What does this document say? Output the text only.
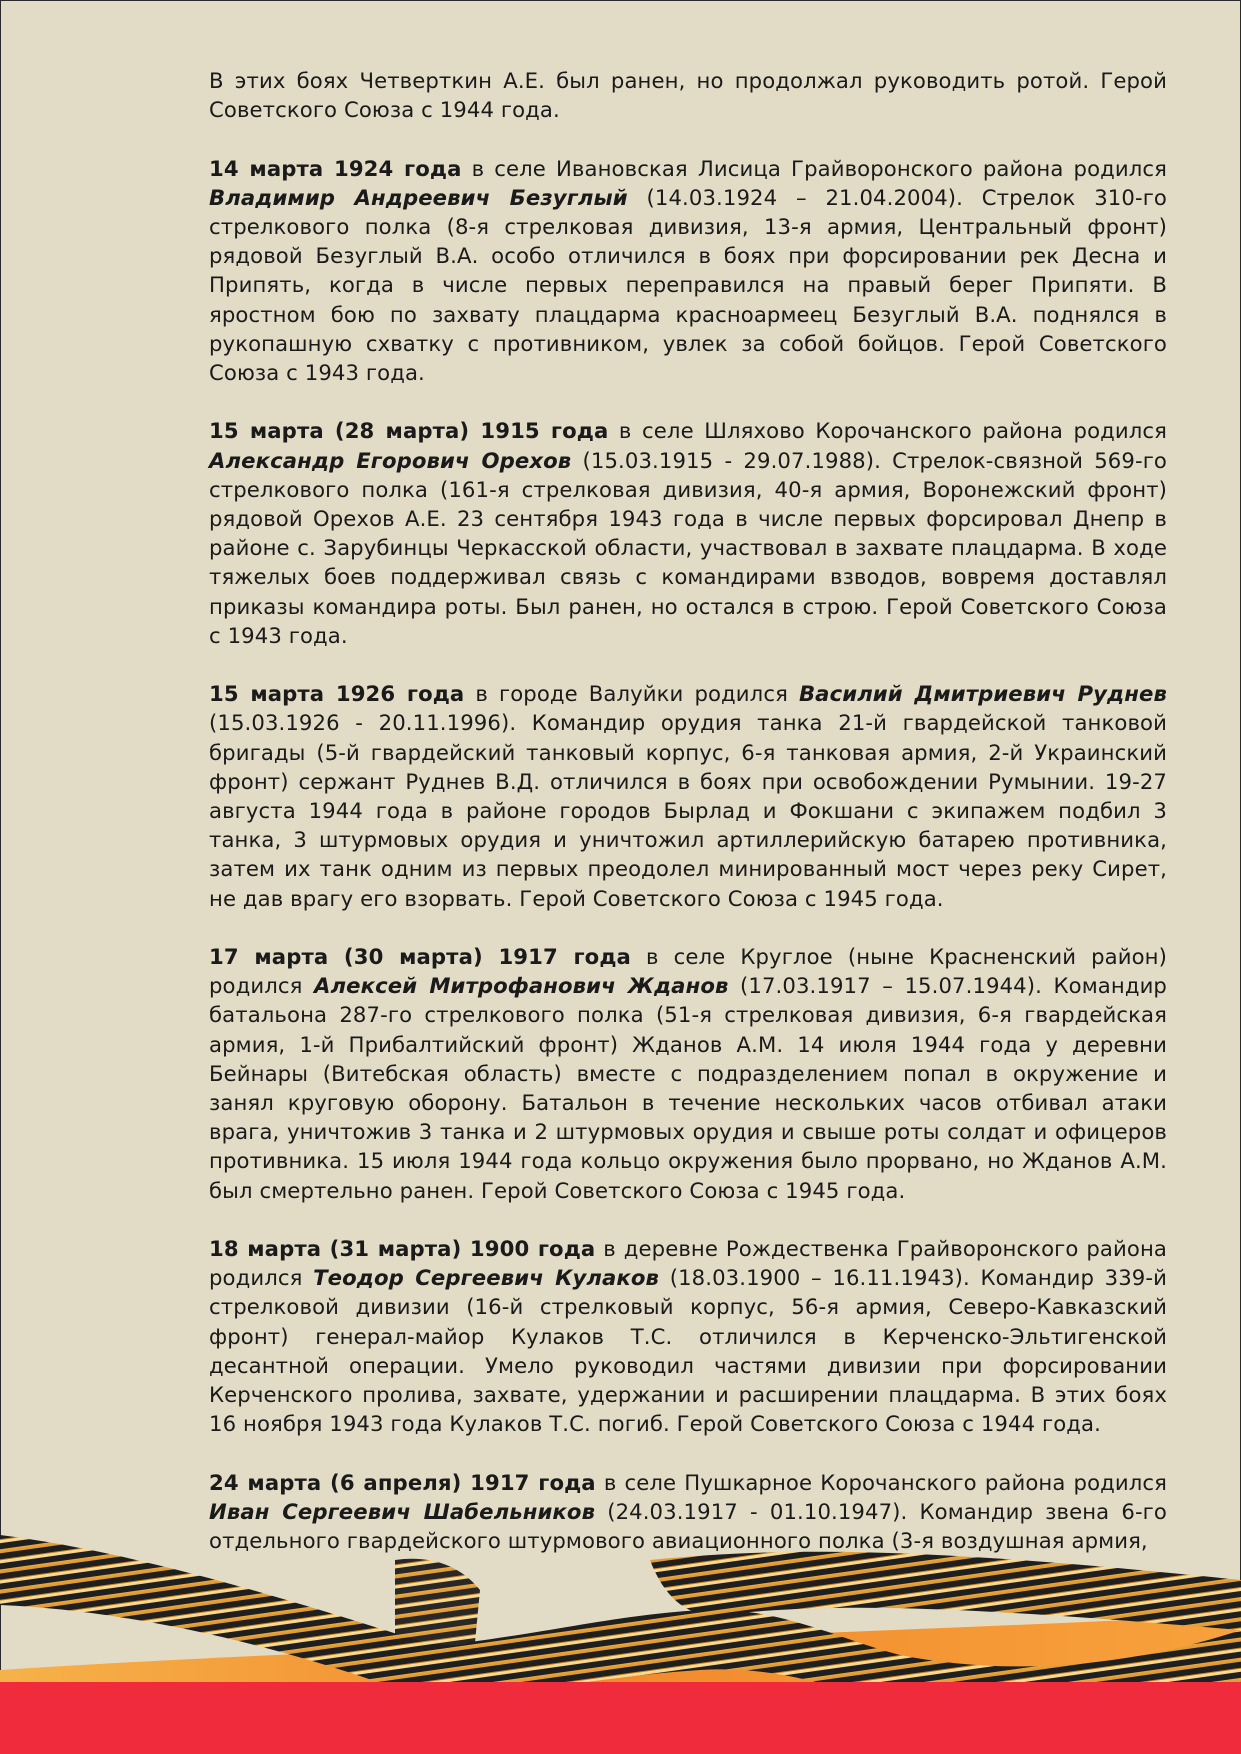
В этих боях Четверткин А.Е. был ранен, но продолжал руководить ротой. Герой Советского Союза с 1944 года.

14 марта 1924 года в селе Ивановская Лисица Грайворонского района родился Владимир Андреевич Безуглый (14.03.1924 – 21.04.2004). Стрелок 310-го стрелкового полка (8-я стрелковая дивизия, 13-я армия, Центральный фронт) рядовой Безуглый В.А. особо отличился в боях при форсировании рек Десна и Припять, когда в числе первых переправился на правый берег Припяти. В яростном бою по захвату плацдарма красноармеец Безуглый В.А. поднялся в рукопашную схватку с противником, увлек за собой бойцов. Герой Советского Союза с 1943 года.

15 марта (28 марта) 1915 года в селе Шляхово Корочанского района родился Александр Егорович Орехов (15.03.1915 - 29.07.1988). Стрелок-связной 569-го стрелкового полка (161-я стрелковая дивизия, 40-я армия, Воронежский фронт) рядовой Орехов А.Е. 23 сентября 1943 года в числе первых форсировал Днепр в районе с. Зарубинцы Черкасской области, участвовал в захвате плацдарма. В ходе тяжелых боев поддерживал связь с командирами взводов, вовремя доставлял приказы командира роты. Был ранен, но остался в строю. Герой Советского Союза с 1943 года.

15 марта 1926 года в городе Валуйки родился Василий Дмитриевич Руднев (15.03.1926 - 20.11.1996). Командир орудия танка 21-й гвардейской танковой бригады (5-й гвардейский танковый корпус, 6-я танковая армия, 2-й Украинский фронт) сержант Руднев В.Д. отличился в боях при освобождении Румынии. 19-27 августа 1944 года в районе городов Бырлад и Фокшани с экипажем подбил 3 танка, 3 штурмовых орудия и уничтожил артиллерийскую батарею противника, затем их танк одним из первых преодолел минированный мост через реку Сирет, не дав врагу его взорвать. Герой Советского Союза с 1945 года.

17 марта (30 марта) 1917 года в селе Круглое (ныне Красненский район) родился Алексей Митрофанович Жданов (17.03.1917 – 15.07.1944). Командир батальона 287-го стрелкового полка (51-я стрелковая дивизия, 6-я гвардейская армия, 1-й Прибалтийский фронт) Жданов А.М. 14 июля 1944 года у деревни Бейнары (Витебская область) вместе с подразделением попал в окружение и занял круговую оборону. Батальон в течение нескольких часов отбивал атаки врага, уничтожив 3 танка и 2 штурмовых орудия и свыше роты солдат и офицеров противника. 15 июля 1944 года кольцо окружения было прорвано, но Жданов А.М. был смертельно ранен. Герой Советского Союза с 1945 года.

18 марта (31 марта) 1900 года в деревне Рождественка Грайворонского района родился Теодор Сергеевич Кулаков (18.03.1900 – 16.11.1943). Командир 339-й стрелковой дивизии (16-й стрелковый корпус, 56-я армия, Северо-Кавказский фронт) генерал-майор Кулаков Т.С. отличился в Керченско-Эльтигенской десантной операции. Умело руководил частями дивизии при форсировании Керченского пролива, захвате, удержании и расширении плацдарма. В этих боях 16 ноября 1943 года Кулаков Т.С. погиб. Герой Советского Союза с 1944 года.

24 марта (6 апреля) 1917 года в селе Пушкарное Корочанского района родился Иван Сергеевич Шабельников (24.03.1917 - 01.10.1947). Командир звена 6-го отдельного гвардейского штурмового авиационного полка (3-я воздушная армия,
